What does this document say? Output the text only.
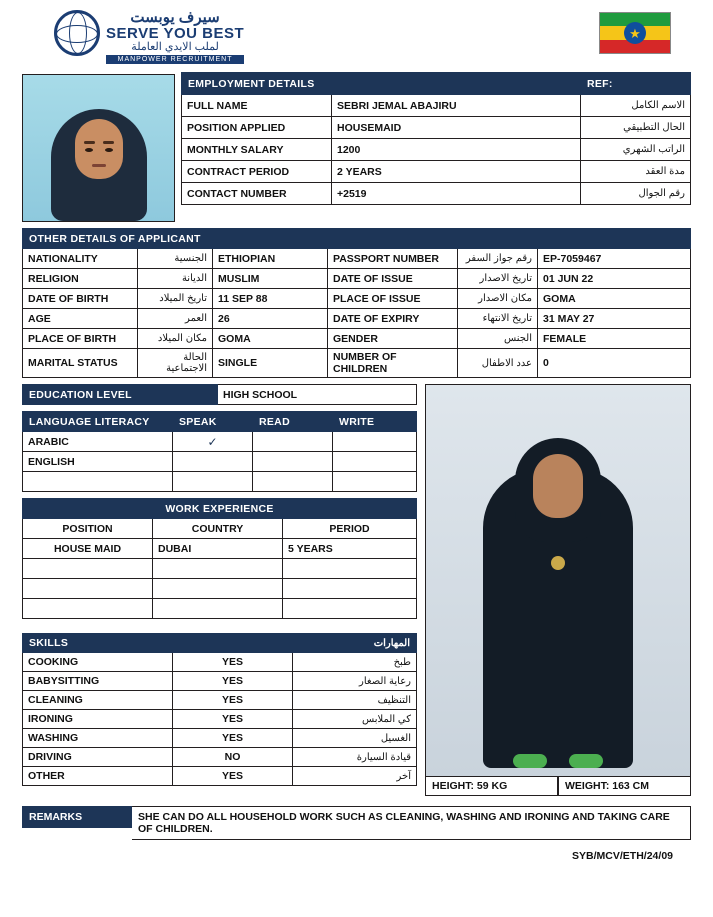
سيرف يوبست
SERVE YOU BEST
لملب الايدي العاملة
MANPOWER RECRUITMENT
★
EMPLOYMENT DETAILS		REF:
FULL NAME	SEBRI JEMAL ABAJIRU	الاسم الكامل
POSITION APPLIED	HOUSEMAID	الحال التطبيقي
MONTHLY SALARY	1200	الراتب الشهري
CONTRACT PERIOD	2 YEARS	مدة العقد
CONTACT NUMBER	+2519	رقم الجوال
OTHER DETAILS OF APPLICANT					
NATIONALITY	الجنسية	ETHIOPIAN	PASSPORT NUMBER	رقم جواز السفر	EP-7059467
RELIGION	الديانة	MUSLIM	DATE OF ISSUE	تاريخ الاصدار	01 JUN 22
DATE OF BIRTH	تاريخ الميلاد	11 SEP 88	PLACE OF ISSUE	مكان الاصدار	GOMA
AGE	العمر	26	DATE OF EXPIRY	تاريخ الانتهاء	31 MAY 27
PLACE OF BIRTH	مكان الميلاد	GOMA	GENDER	الجنس	FEMALE
MARITAL STATUS	الحالة الاجتماعية	SINGLE	NUMBER OF CHILDREN	عدد الاطفال	0
EDUCATION LEVEL	HIGH SCHOOL
LANGUAGE LITERACY	SPEAK	READ	WRITE
ARABIC	✓		
ENGLISH			

WORK EXPERIENCE		
POSITION	COUNTRY	PERIOD
HOUSE MAID	DUBAI	5 YEARS

SKILLS		المهارات
COOKING	YES	طبخ
BABYSITTING	YES	رعاية الصغار
CLEANING	YES	التنظيف
IRONING	YES	كي الملابس
WASHING	YES	الغسيل
DRIVING	NO	قيادة السيارة
OTHER	YES	آخر
HEIGHT: 59 KG	WEIGHT: 163 CM
REMARKS	SHE CAN DO ALL HOUSEHOLD WORK SUCH AS CLEANING, WASHING AND IRONING AND TAKING CARE OF CHILDREN.
SYB/MCV/ETH/24/09
